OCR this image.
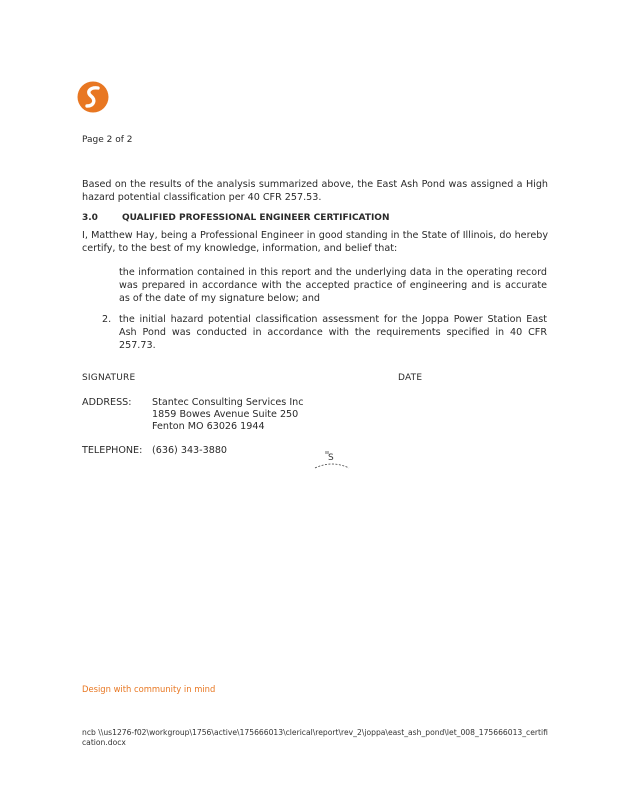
Page 2 of 2
Based on the results of the analysis summarized above, the East Ash Pond was assigned a High hazard potential classification per 40 CFR 257.53.
3.0	QUALIFIED PROFESSIONAL ENGINEER CERTIFICATION
I, Matthew Hay, being a Professional Engineer in good standing in the State of Illinois, do hereby certify, to the best of my knowledge, information, and belief that:
the information contained in this report and the underlying data in the operating record was prepared in accordance with the accepted practice of engineering and is accurate as of the date of my signature below; and
2. the initial hazard potential classification assessment for the Joppa Power Station East Ash Pond was conducted in accordance with the requirements specified in 40 CFR 257.73.
SIGNATURE	DATE
ADDRESS: Stantec Consulting Services Inc
1859 Bowes Avenue Suite 250
Fenton MO 63026 1944
TELEPHONE: (636) 343-3880
S
Design with community in mind
ncb \\us1276-f02\workgroup\1756\active\175666013\clerical\report\rev_2\joppa\east_ash_pond\let_008_175666013_certification.docx
